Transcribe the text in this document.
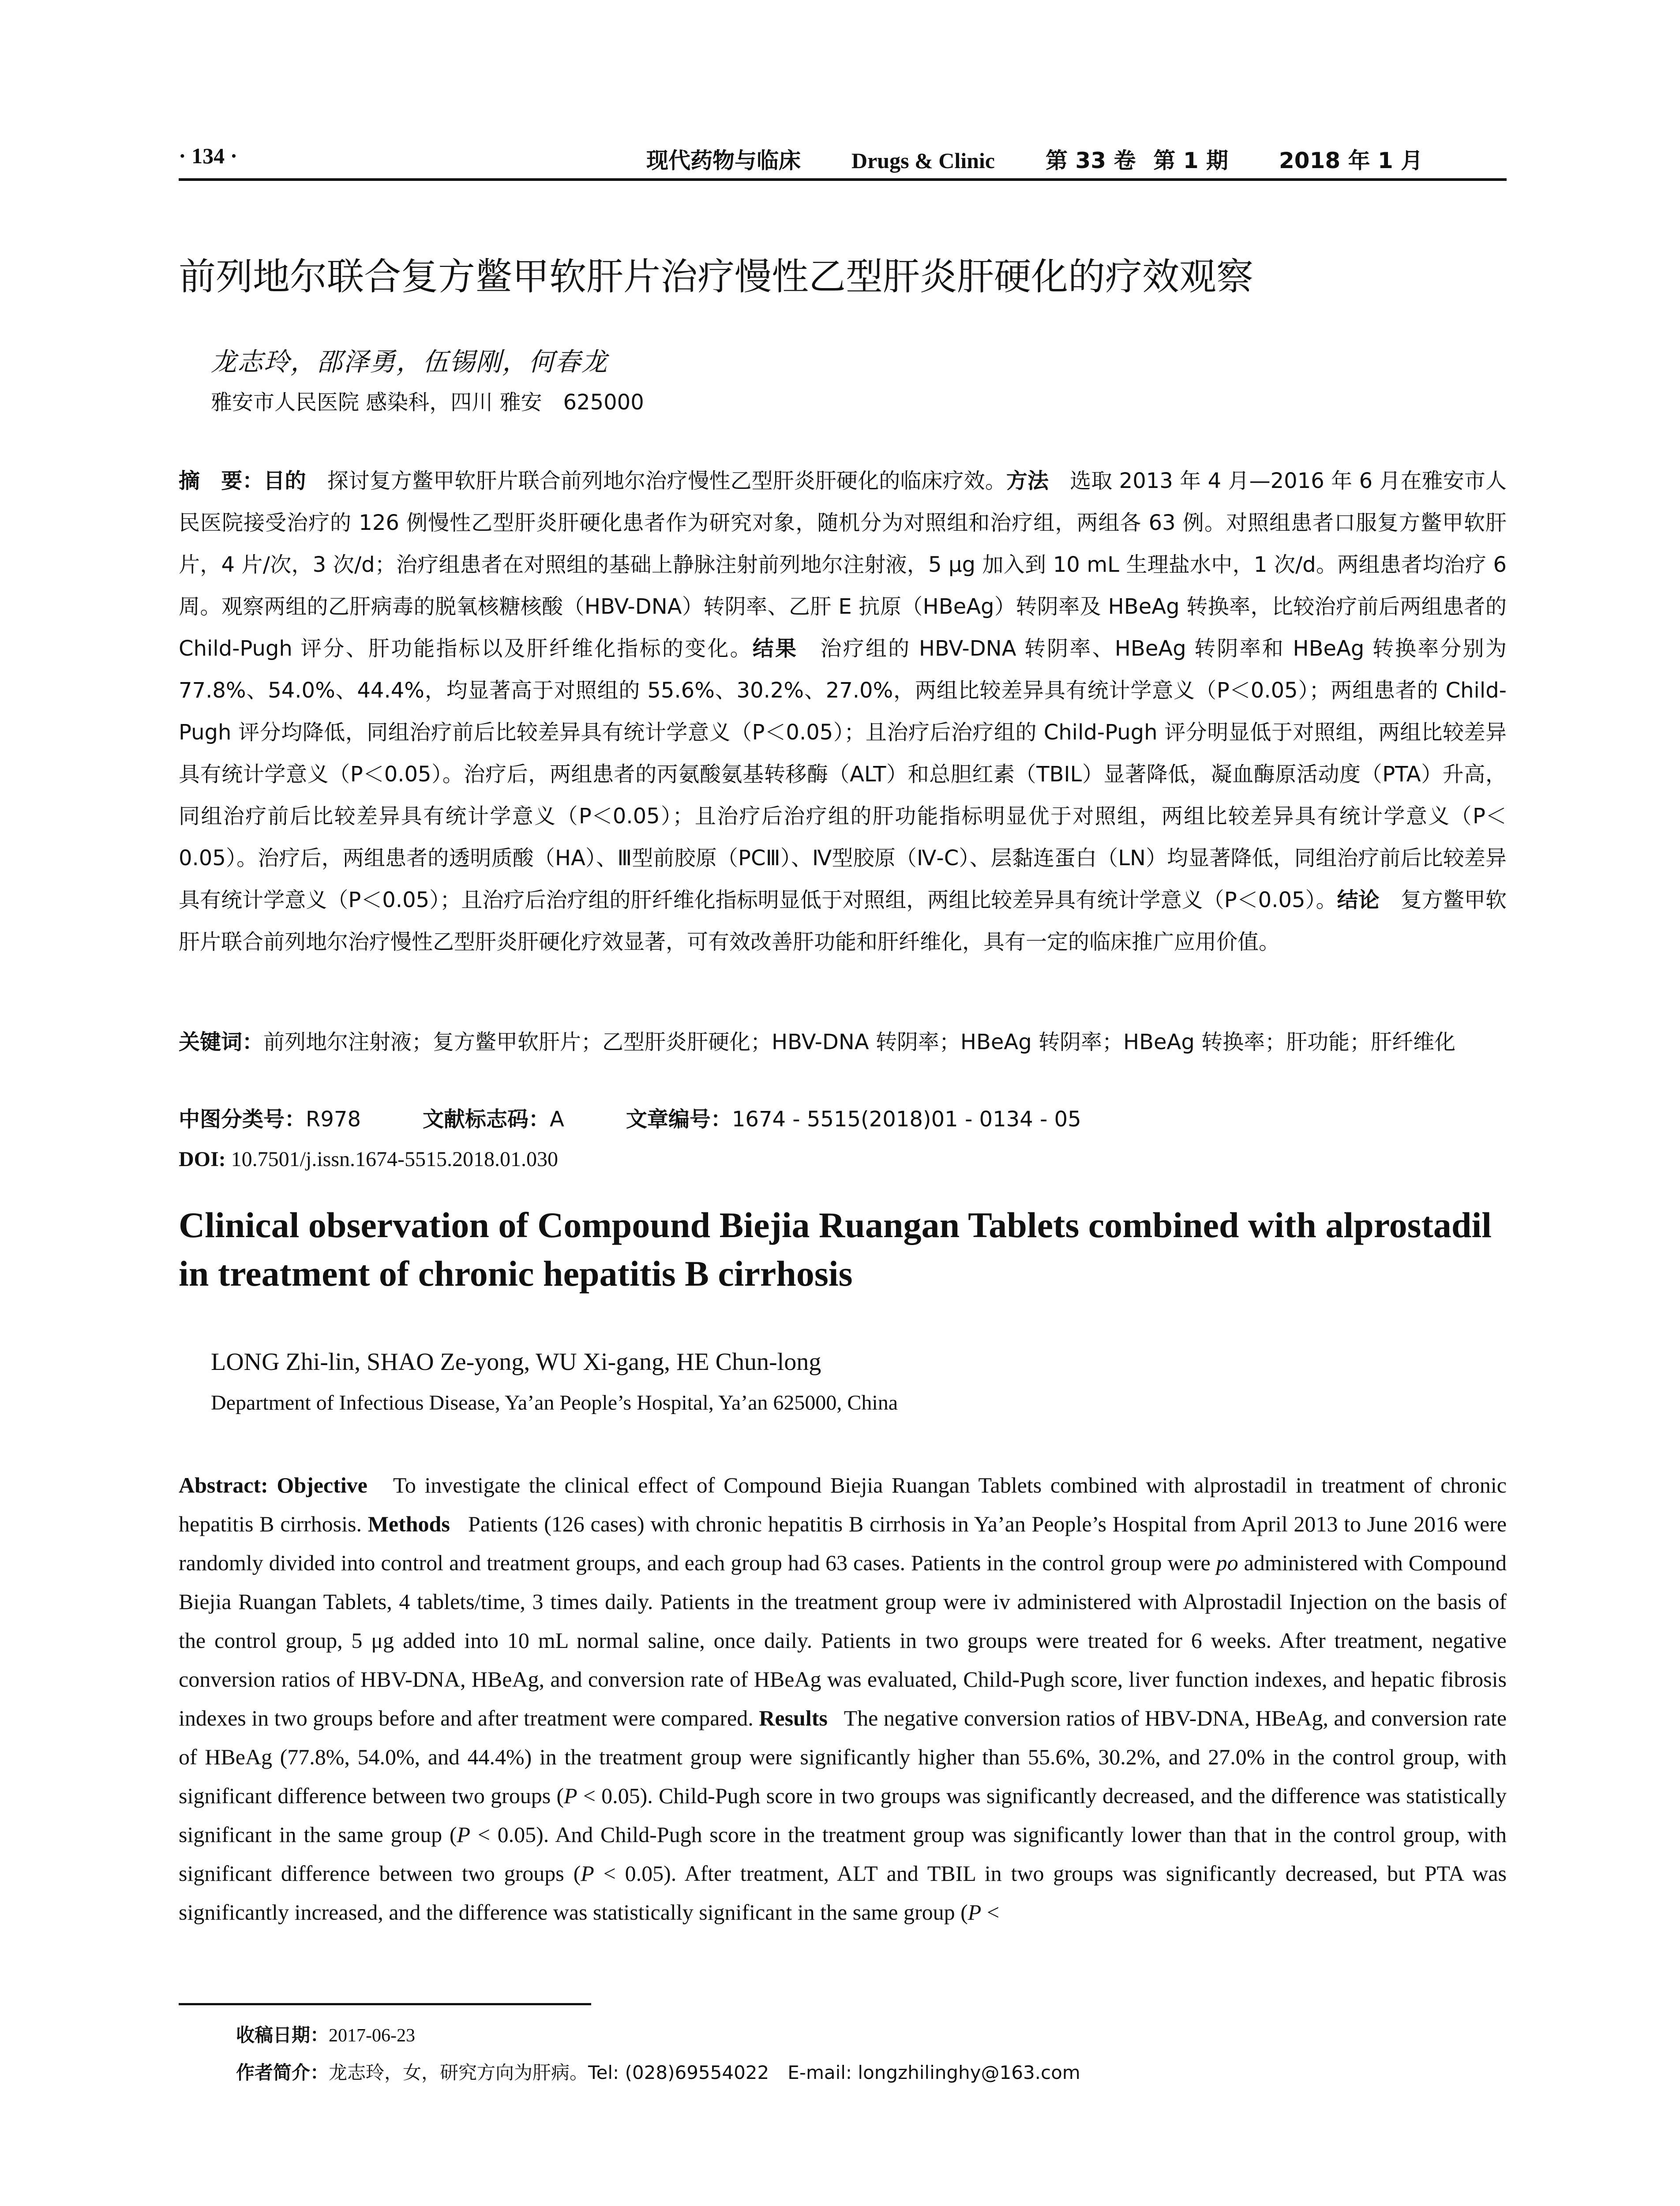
· 134 ·	现代药物与临床 Drugs & Clinic 第 33 卷 第 1 期 2018 年 1 月
前列地尔联合复方鳖甲软肝片治疗慢性乙型肝炎肝硬化的疗效观察
龙志玲，邵泽勇，伍锡刚，何春龙
雅安市人民医院 感染科，四川 雅安　625000
摘　要：目的　 探讨复方鳖甲软肝片联合前列地尔治疗慢性乙型肝炎肝硬化的临床疗效。方法　 选取 2013 年 4 月—2016 年 6 月在雅安市人民医院接受治疗的 126 例慢性乙型肝炎肝硬化患者作为研究对象，随机分为对照组和治疗组，两组各 63 例。对照组患者口服复方鳖甲软肝片，4 片/次，3 次/d；治疗组患者在对照组的基础上静脉注射前列地尔注射液，5 μg 加入到 10 mL 生理盐水中，1 次/d。两组患者均治疗 6 周。观察两组的乙肝病毒的脱氧核糖核酸（HBV-DNA）转阴率、乙肝 E 抗原（HBeAg）转阴率及 HBeAg 转换率，比较治疗前后两组患者的 Child-Pugh 评分、肝功能指标以及肝纤维化指标的变化。结果　 治疗组的 HBV-DNA 转阴率、HBeAg 转阴率和 HBeAg 转换率分别为 77.8%、54.0%、44.4%，均显著高于对照组的 55.6%、30.2%、27.0%，两组比较差异具有统计学意义（P＜0.05）；两组患者的 Child-Pugh 评分均降低，同组治疗前后比较差异具有统计学意义（P＜0.05）；且治疗后治疗组的 Child-Pugh 评分明显低于对照组，两组比较差异具有统计学意义（P＜0.05）。治疗后，两组患者的丙氨酸氨基转移酶（ALT）和总胆红素（TBIL）显著降低，凝血酶原活动度（PTA）升高，同组治疗前后比较差异具有统计学意义（P＜0.05）；且治疗后治疗组的肝功能指标明显优于对照组，两组比较差异具有统计学意义（P＜0.05）。治疗后，两组患者的透明质酸（HA）、Ⅲ型前胶原（PCⅢ）、Ⅳ型胶原（Ⅳ-C）、层黏连蛋白（LN）均显著降低，同组治疗前后比较差异具有统计学意义（P＜0.05）；且治疗后治疗组的肝纤维化指标明显低于对照组，两组比较差异具有统计学意义（P＜0.05）。结论　 复方鳖甲软肝片联合前列地尔治疗慢性乙型肝炎肝硬化疗效显著，可有效改善肝功能和肝纤维化，具有一定的临床推广应用价值。
关键词：前列地尔注射液；复方鳖甲软肝片；乙型肝炎肝硬化；HBV-DNA 转阴率；HBeAg 转阴率；HBeAg 转换率；肝功能；肝纤维化
中图分类号：R978	文献标志码：A	文章编号：1674 - 5515(2018)01 - 0134 - 05
DOI: 10.7501/j.issn.1674-5515.2018.01.030
Clinical observation of Compound Biejia Ruangan Tablets combined with alprostadil in treatment of chronic hepatitis B cirrhosis
LONG Zhi-lin, SHAO Ze-yong, WU Xi-gang, HE Chun-long
Department of Infectious Disease, Ya’an People’s Hospital, Ya’an 625000, China
Abstract: Objective To investigate the clinical effect of Compound Biejia Ruangan Tablets combined with alprostadil in treatment of chronic hepatitis B cirrhosis. Methods Patients (126 cases) with chronic hepatitis B cirrhosis in Ya’an People’s Hospital from April 2013 to June 2016 were randomly divided into control and treatment groups, and each group had 63 cases. Patients in the control group were po administered with Compound Biejia Ruangan Tablets, 4 tablets/time, 3 times daily. Patients in the treatment group were iv administered with Alprostadil Injection on the basis of the control group, 5 μg added into 10 mL normal saline, once daily. Patients in two groups were treated for 6 weeks. After treatment, negative conversion ratios of HBV-DNA, HBeAg, and conversion rate of HBeAg was evaluated, Child-Pugh score, liver function indexes, and hepatic fibrosis indexes in two groups before and after treatment were compared. Results The negative conversion ratios of HBV-DNA, HBeAg, and conversion rate of HBeAg (77.8%, 54.0%, and 44.4%) in the treatment group were significantly higher than 55.6%, 30.2%, and 27.0% in the control group, with significant difference between two groups (P < 0.05). Child-Pugh score in two groups was significantly decreased, and the difference was statistically significant in the same group (P < 0.05). And Child-Pugh score in the treatment group was significantly lower than that in the control group, with significant difference between two groups (P < 0.05). After treatment, ALT and TBIL in two groups was significantly decreased, but PTA was significantly increased, and the difference was statistically significant in the same group (P <
收稿日期：2017-06-23
作者简介：龙志玲，女，研究方向为肝病。Tel: (028)69554022　E-mail: longzhilinghy@163.com
